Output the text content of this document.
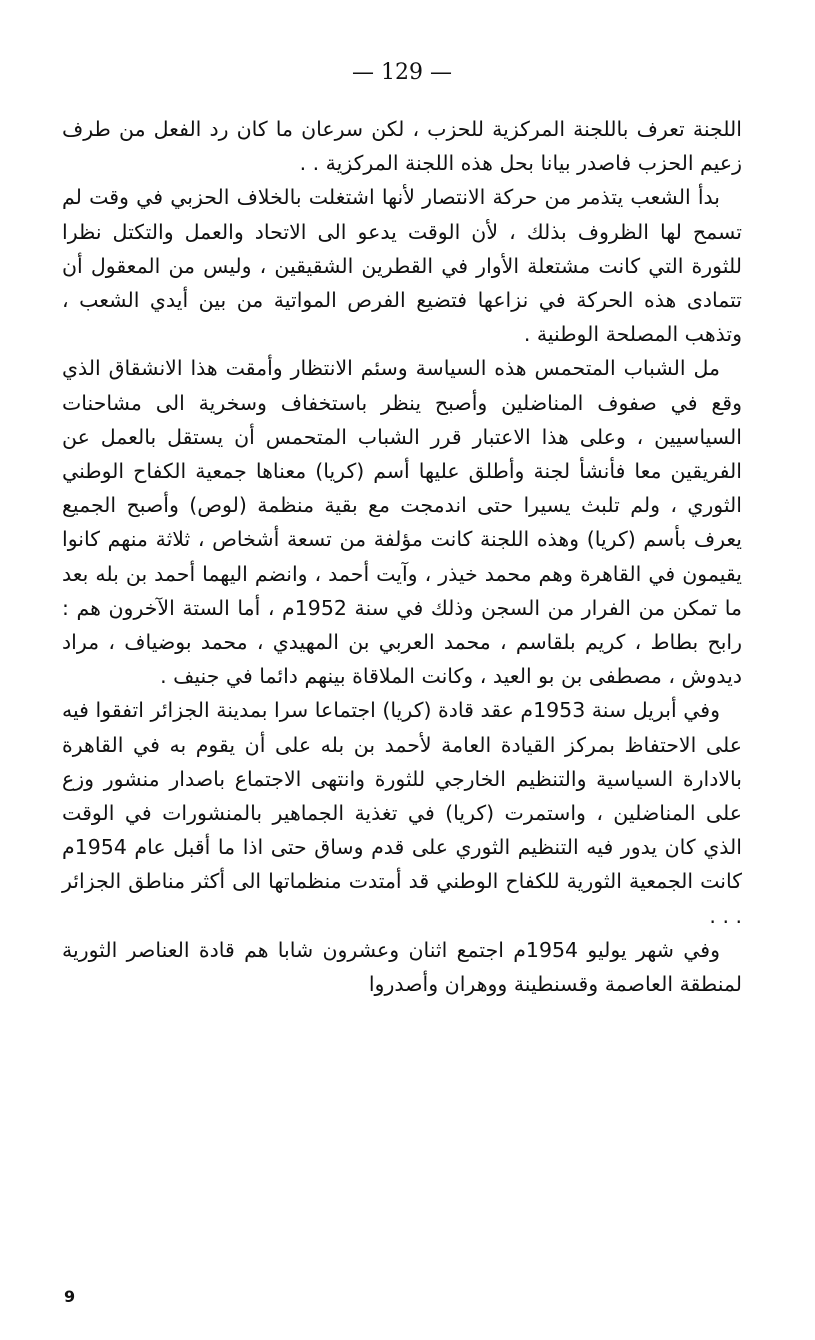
— 129 —

اللجنة تعرف باللجنة المركزية للحزب ، لكن سرعان ما كان رد الفعل من طرف زعيم الحزب فاصدر بيانا بحل هذه اللجنة المركزية . .

بدأ الشعب يتذمر من حركة الانتصار لأنها اشتغلت بالخلاف الحزبي في وقت لم تسمح لها الظروف بذلك ، لأن الوقت يدعو الى الاتحاد والعمل والتكتل نظرا للثورة التي كانت مشتعلة الأوار في القطرين الشقيقين ، وليس من المعقول أن تتمادى هذه الحركة في نزاعها فتضيع الفرص المواتية من بين أيدي الشعب ، وتذهب المصلحة الوطنية .

مل الشباب المتحمس هذه السياسة وسئم الانتظار وأمقت هذا الانشقاق الذي وقع في صفوف المناضلين وأصبح ينظر باستخفاف وسخرية الى مشاحنات السياسيين ، وعلى هذا الاعتبار قرر الشباب المتحمس أن يستقل بالعمل عن الفريقين معا فأنشأ لجنة وأطلق عليها أسم (كريا) معناها جمعية الكفاح الوطني الثوري ، ولم تلبث يسيرا حتى اندمجت مع بقية منظمة (لوص) وأصبح الجميع يعرف بأسم (كريا) وهذه اللجنة كانت مؤلفة من تسعة أشخاص ، ثلاثة منهم كانوا يقيمون في القاهرة وهم محمد خيذر ، وآيت أحمد ، وانضم اليهما أحمد بن بله بعد ما تمكن من الفرار من السجن وذلك في سنة 1952م ، أما الستة الآخرون هم : رابح بطاط ، كريم بلقاسم ، محمد العربي بن المهيدي ، محمد بوضياف ، مراد ديدوش ، مصطفى بن بو العيد ، وكانت الملاقاة بينهم دائما في جنيف .

وفي أبريل سنة 1953م عقد قادة (كريا) اجتماعا سرا بمدينة الجزائر اتفقوا فيه على الاحتفاظ بمركز القيادة العامة لأحمد بن بله على أن يقوم به في القاهرة بالادارة السياسية والتنظيم الخارجي للثورة وانتهى الاجتماع باصدار منشور وزع على المناضلين ، واستمرت (كريا) في تغذية الجماهير بالمنشورات في الوقت الذي كان يدور فيه التنظيم الثوري على قدم وساق حتى اذا ما أقبل عام 1954م كانت الجمعية الثورية للكفاح الوطني قد أمتدت منظماتها الى أكثر مناطق الجزائر . . .

وفي شهر يوليو 1954م اجتمع اثنان وعشرون شابا هم قادة العناصر الثورية لمنطقة العاصمة وقسنطينة ووهران وأصدروا

9
